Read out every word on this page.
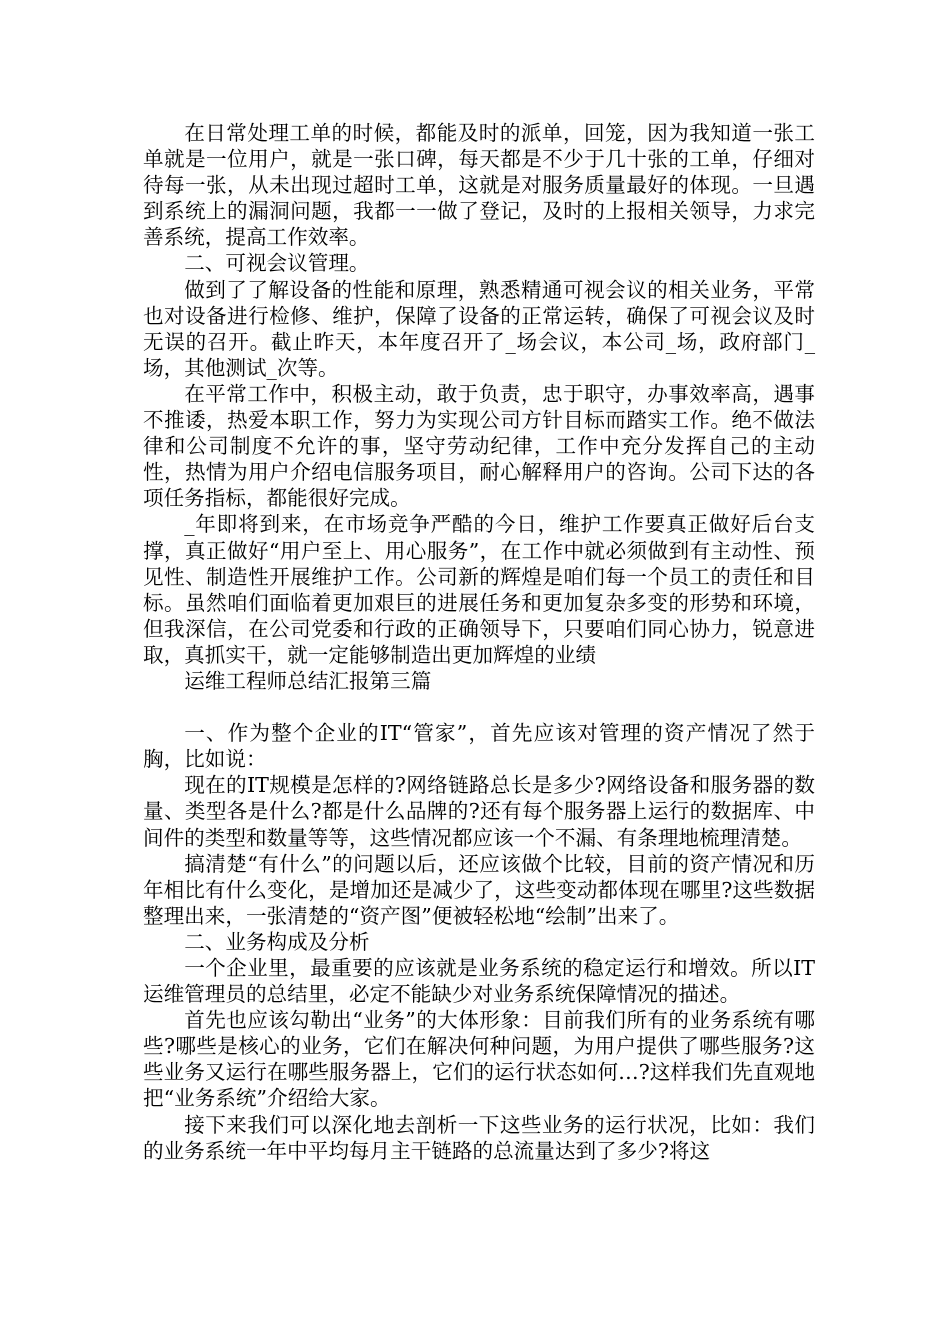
在日常处理工单的时候，都能及时的派单，回笼，因为我知道一张工单就是一位用户，就是一张口碑，每天都是不少于几十张的工单，仔细对待每一张，从未出现过超时工单，这就是对服务质量最好的体现。一旦遇到系统上的漏洞问题，我都一一做了登记，及时的上报相关领导，力求完善系统，提高工作效率。

二、可视会议管理。

做到了了解设备的性能和原理，熟悉精通可视会议的相关业务，平常也对设备进行检修、维护，保障了设备的正常运转，确保了可视会议及时无误的召开。截止昨天，本年度召开了_场会议，本公司_场，政府部门_场，其他测试_次等。

在平常工作中，积极主动，敢于负责，忠于职守，办事效率高，遇事不推诿，热爱本职工作，努力为实现公司方针目标而踏实工作。绝不做法律和公司制度不允许的事，坚守劳动纪律，工作中充分发挥自己的主动性，热情为用户介绍电信服务项目，耐心解释用户的咨询。公司下达的各项任务指标，都能很好完成。

_年即将到来，在市场竞争严酷的今日，维护工作要真正做好后台支撑，真正做好“用户至上、用心服务”，在工作中就必须做到有主动性、预见性、制造性开展维护工作。公司新的辉煌是咱们每一个员工的责任和目标。虽然咱们面临着更加艰巨的进展任务和更加复杂多变的形势和环境，但我深信，在公司党委和行政的正确领导下，只要咱们同心协力，锐意进取，真抓实干，就一定能够制造出更加辉煌的业绩

运维工程师总结汇报第三篇

一、作为整个企业的IT“管家”，首先应该对管理的资产情况了然于胸，比如说：

现在的IT规模是怎样的?网络链路总长是多少?网络设备和服务器的数量、类型各是什么?都是什么品牌的?还有每个服务器上运行的数据库、中间件的类型和数量等等，这些情况都应该一个不漏、有条理地梳理清楚。

搞清楚“有什么”的问题以后，还应该做个比较，目前的资产情况和历年相比有什么变化，是增加还是减少了，这些变动都体现在哪里?这些数据整理出来，一张清楚的“资产图”便被轻松地“绘制”出来了。

二、业务构成及分析

一个企业里，最重要的应该就是业务系统的稳定运行和增效。所以IT运维管理员的总结里，必定不能缺少对业务系统保障情况的描述。

首先也应该勾勒出“业务”的大体形象：目前我们所有的业务系统有哪些?哪些是核心的业务，它们在解决何种问题，为用户提供了哪些服务?这些业务又运行在哪些服务器上，它们的运行状态如何…?这样我们先直观地把“业务系统”介绍给大家。

接下来我们可以深化地去剖析一下这些业务的运行状况，比如：我们的业务系统一年中平均每月主干链路的总流量达到了多少?将这
